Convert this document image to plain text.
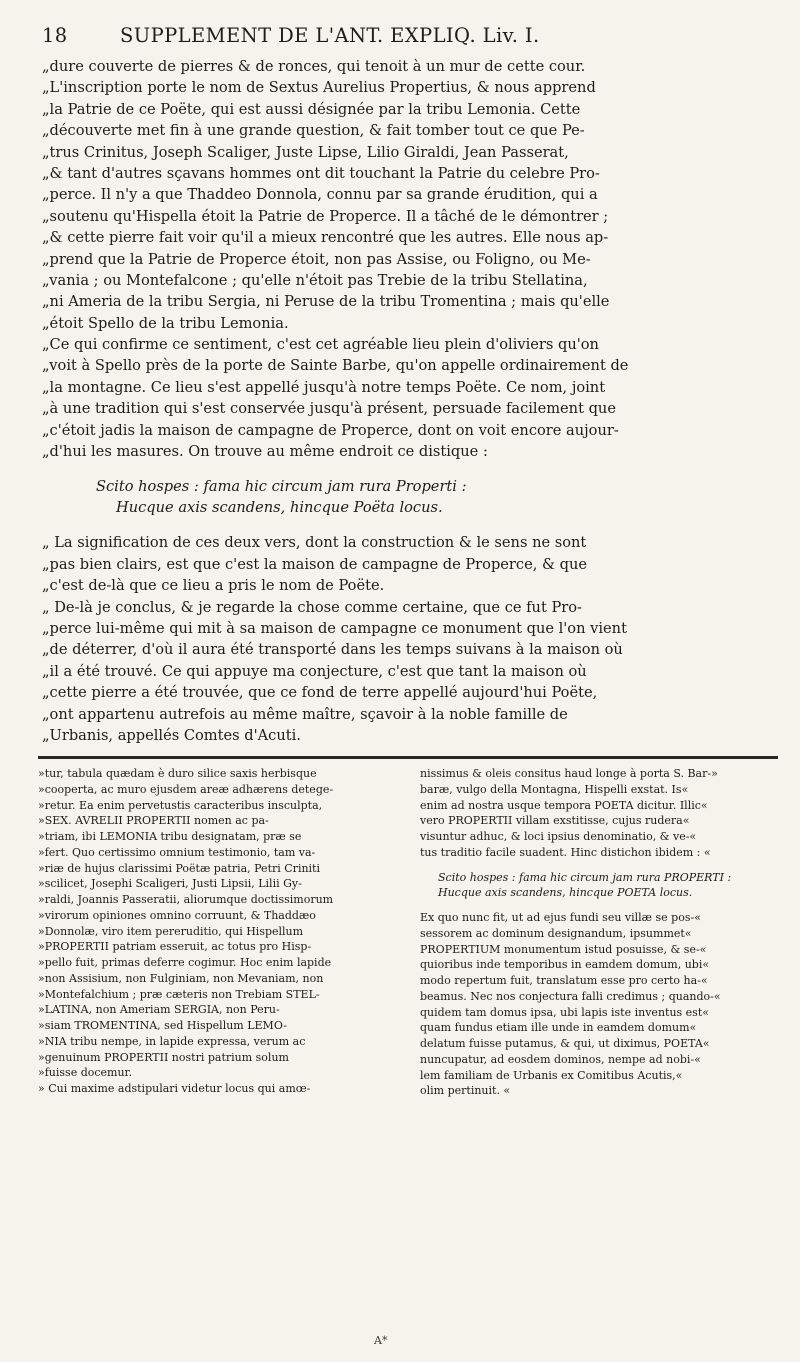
18	SUPPLEMENT DE L'ANT. EXPLIQ. Liv. I.
„dure couverte de pierres & de ronces, qui tenoit à un mur de cette cour.
„L'inscription porte le nom de Sextus Aurelius Propertius, & nous apprend
„la Patrie de ce Poëte, qui est aussi désignée par la tribu Lemonia. Cette
„découverte met fin à une grande question, & fait tomber tout ce que Pe-
„trus Crinitus, Joseph Scaliger, Juste Lipse, Lilio Giraldi, Jean Passerat,
„& tant d'autres sçavans hommes ont dit touchant la Patrie du celebre Pro-
„perce. Il n'y a que Thaddeo Donnola, connu par sa grande érudition, qui a
„soutenu qu'Hispella étoit la Patrie de Properce. Il a tâché de le démontrer ;
„& cette pierre fait voir qu'il a mieux rencontré que les autres. Elle nous ap-
„prend que la Patrie de Properce étoit, non pas Assise, ou Foligno, ou Me-
„vania ; ou Montefalcone ; qu'elle n'étoit pas Trebie de la tribu Stellatina,
„ni Ameria de la tribu Sergia, ni Peruse de la tribu Tromentina ; mais qu'elle
„étoit Spello de la tribu Lemonia.
„Ce qui confirme ce sentiment, c'est cet agréable lieu plein d'oliviers qu'on
„voit à Spello près de la porte de Sainte Barbe, qu'on appelle ordinairement de
„la montagne. Ce lieu s'est appellé jusqu'à notre temps Poëte. Ce nom, joint
„à une tradition qui s'est conservée jusqu'à présent, persuade facilement que
„c'étoit jadis la maison de campagne de Properce, dont on voit encore aujour-
„d'hui les masures. On trouve au même endroit ce distique :
Scito hospes : fama hic circum jam rura Properti :
Hucque axis scandens, hincque Poëta locus.
„ La signification de ces deux vers, dont la construction & le sens ne sont
„pas bien clairs, est que c'est la maison de campagne de Properce, & que
„c'est de-là que ce lieu a pris le nom de Poëte.
„ De-là je conclus, & je regarde la chose comme certaine, que ce fut Pro-
„perce lui-même qui mit à sa maison de campagne ce monument que l'on vient
„de déterrer, d'où il aura été transporté dans les temps suivans à la maison où
„il a été trouvé. Ce qui appuye ma conjecture, c'est que tant la maison où
„cette pierre a été trouvée, que ce fond de terre appellé aujourd'hui Poëte,
„ont appartenu autrefois au même maître, sçavoir à la noble famille de
„Urbanis, appellés Comtes d'Acuti.
»tur, tabula quædam è duro silice saxis herbisque
»cooperta, ac muro ejusdem areæ adhærens detege-
»retur. Ea enim pervetustis caracteribus insculpta,
»SEX. AVRELII PROPERTII nomen ac pa-
»triam, ibi LEMONIA tribu designatam, præ se
»fert. Quo certissimo omnium testimonio, tam va-
»riæ de hujus clarissimi Poëtæ patria, Petri Criniti
»scilicet, Josephi Scaligeri, Justi Lipsii, Lilii Gy-
»raldi, Joannis Passeratii, aliorumque doctissimorum
»virorum opiniones omnino corruunt, & Thaddæo
»Donnolæ, viro item pereruditio, qui Hispellum
»PROPERTII patriam esseruit, ac totus pro Hisp-
»pello fuit, primas deferre cogimur. Hoc enim lapide
»non Assisium, non Fulginiam, non Mevaniam, non
»Montefalchium ; præ cæteris non Trebiam STEL-
»LATINA, non Ameriam SERGIA, non Peru-
»siam TROMENTINA, sed Hispellum LEMO-
»NIA tribu nempe, in lapide expressa, verum ac
»genuinum PROPERTII nostri patrium solum
»fuisse docemur.
» Cui maxime adstipulari videtur locus qui amœ-
nissimus & oleis consitus haud longe à porta S. Bar-»
baræ, vulgo della Montagna, Hispelli exstat. Is«
enim ad nostra usque tempora POETA dicitur. Illic«
vero PROPERTII villam exstitisse, cujus rudera«
visuntur adhuc, & loci ipsius denominatio, & ve-«
tus traditio facile suadent. Hinc distichon ibidem : «
Scito hospes : fama hic circum jam rura PROPERTI :
Hucque axis scandens, hincque POETA locus.
Ex quo nunc fit, ut ad ejus fundi seu villæ se pos-«
sessorem ac dominum designandum, ipsummet«
PROPERTIUM monumentum istud posuisse, & se-«
quioribus inde temporibus in eamdem domum, ubi«
modo repertum fuit, translatum esse pro certo ha-«
beamus. Nec nos conjectura falli credimus ; quando-«
quidem tam domus ipsa, ubi lapis iste inventus est«
quam fundus etiam ille unde in eamdem domum«
delatum fuisse putamus, & qui, ut diximus, POETA«
nuncupatur, ad eosdem dominos, nempe ad nobi-«
lem familiam de Urbanis ex Comitibus Acutis,«
olim pertinuit. «
A*
